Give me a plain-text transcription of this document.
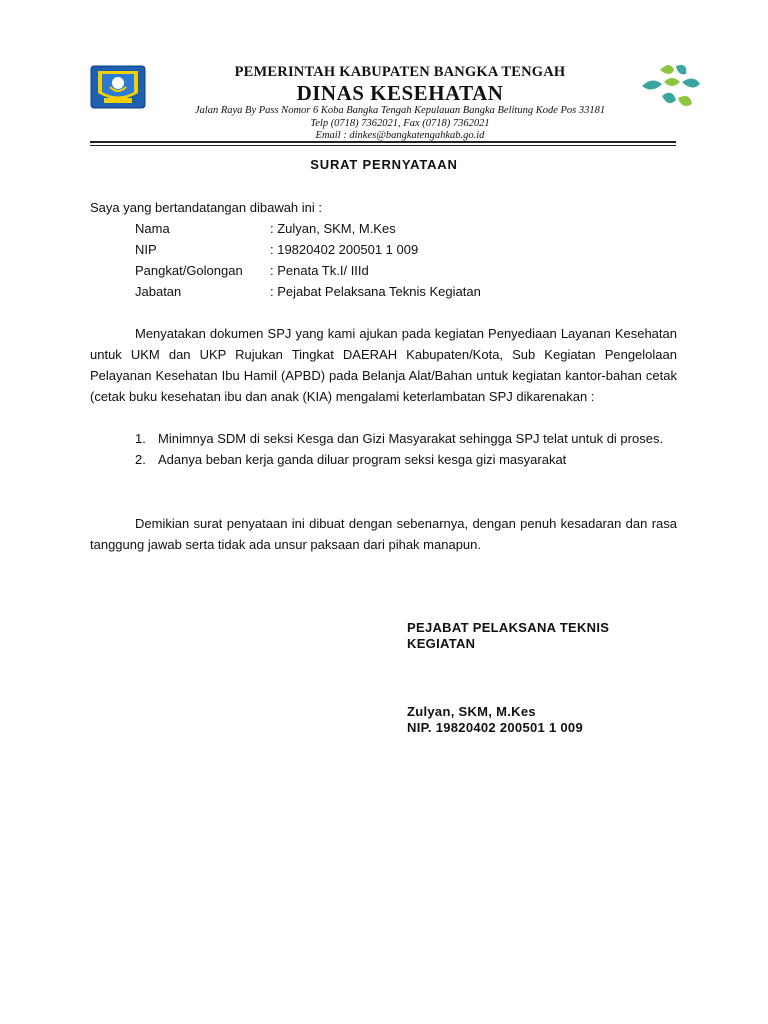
PEMERINTAH KABUPATEN BANGKA TENGAH
DINAS KESEHATAN
Jalan Raya By Pass Nomor 6 Koba Bangka Tengah Kepulauan Bangka Belitung Kode Pos 33181
Telp (0718) 7362021, Fax (0718) 7362021
Email : dinkes@bangkatengahkab.go.id
SURAT PERNYATAAN
Saya yang bertandatangan dibawah ini :
Nama	: Zulyan, SKM, M.Kes
NIP	: 19820402 200501 1 009
Pangkat/Golongan	: Penata Tk.I/ IIId
Jabatan	: Pejabat Pelaksana Teknis Kegiatan
Menyatakan dokumen SPJ yang kami ajukan pada kegiatan Penyediaan Layanan Kesehatan untuk UKM dan UKP Rujukan Tingkat DAERAH Kabupaten/Kota, Sub Kegiatan Pengelolaan Pelayanan Kesehatan Ibu Hamil (APBD) pada Belanja Alat/Bahan untuk kegiatan kantor-bahan cetak (cetak buku kesehatan ibu dan anak (KIA) mengalami keterlambatan SPJ dikarenakan :
1. Minimnya SDM di seksi Kesga dan Gizi Masyarakat sehingga SPJ telat untuk di proses.
2. Adanya beban kerja ganda diluar program seksi kesga gizi masyarakat
Demikian surat penyataan ini dibuat dengan sebenarnya, dengan penuh kesadaran dan rasa tanggung jawab serta tidak ada unsur paksaan dari pihak manapun.
PEJABAT PELAKSANA TEKNIS
KEGIATAN
Zulyan, SKM, M.Kes
NIP. 19820402 200501 1 009
